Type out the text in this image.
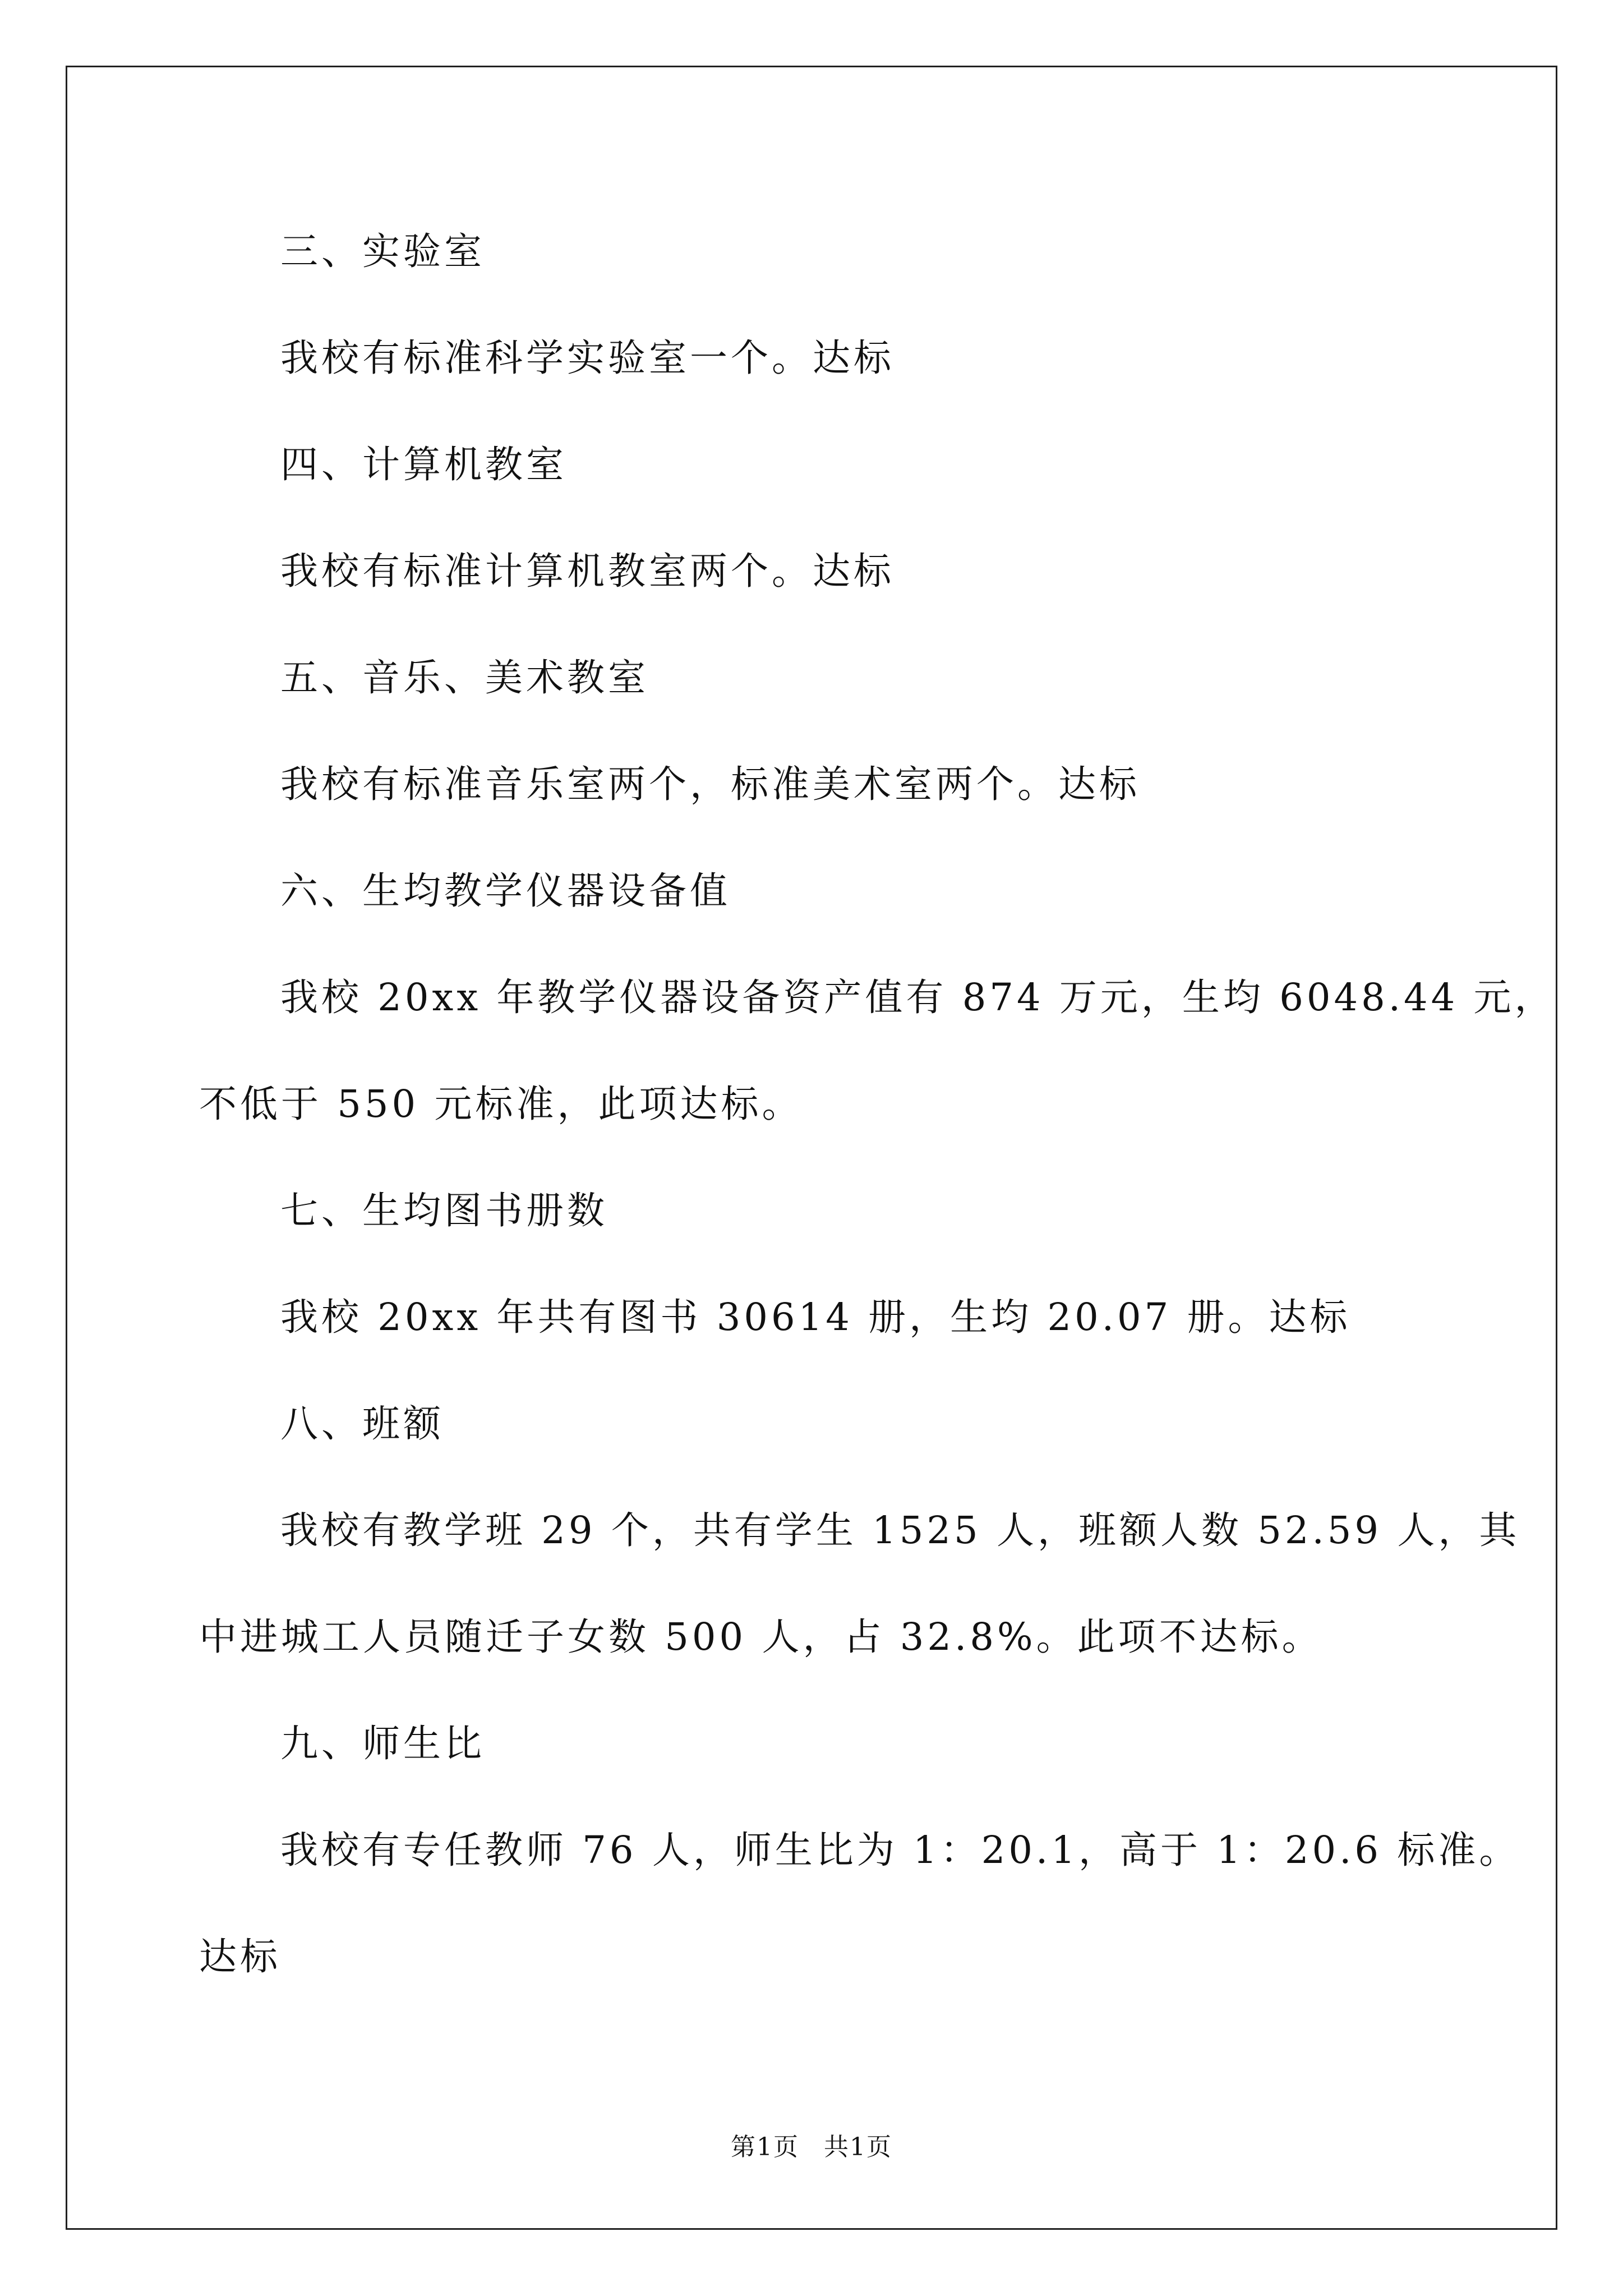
三、实验室

我校有标准科学实验室一个。达标

四、计算机教室

我校有标准计算机教室两个。达标

五、音乐、美术教室

我校有标准音乐室两个，标准美术室两个。达标

六、生均教学仪器设备值

我校 20xx 年教学仪器设备资产值有 874 万元，生均 6048.44 元，

不低于 550 元标准，此项达标。

七、生均图书册数

我校 20xx 年共有图书 30614 册，生均 20.07 册。达标

八、班额

我校有教学班 29 个，共有学生 1525 人，班额人数 52.59 人，其

中进城工人员随迁子女数 500 人，占 32.8%。此项不达标。

九、师生比

我校有专任教师 76 人，师生比为 1：20.1，高于 1：20.6 标准。

达标

第1页 共1页
